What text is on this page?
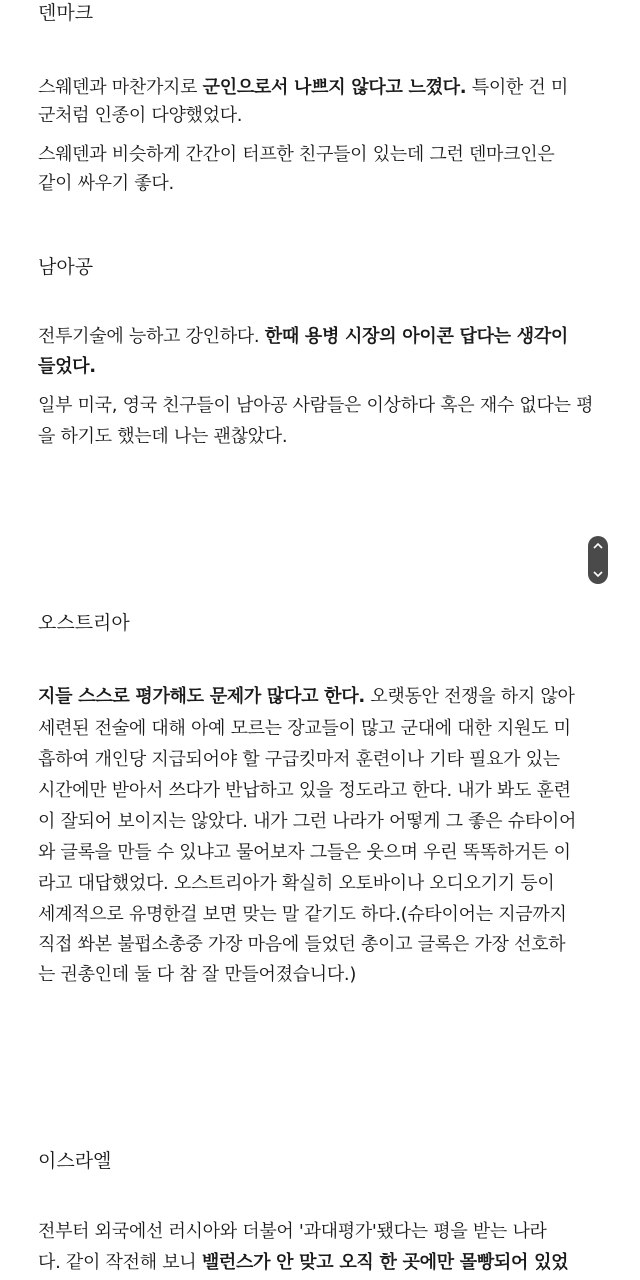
덴마크
스웨덴과 마찬가지로 군인으로서 나쁘지 않다고 느꼈다. 특이한 건 미
군처럼 인종이 다양했었다.
스웨덴과 비슷하게 간간이 터프한 친구들이 있는데 그런 덴마크인은
같이 싸우기 좋다.
남아공
전투기술에 능하고 강인하다. 한때 용병 시장의 아이콘 답다는 생각이
들었다.
일부 미국, 영국 친구들이 남아공 사람들은 이상하다 혹은 재수 없다는 평
을 하기도 했는데 나는 괜찮았다.
오스트리아
지들 스스로 평가해도 문제가 많다고 한다. 오랫동안 전쟁을 하지 않아
세련된 전술에 대해 아예 모르는 장교들이 많고 군대에 대한 지원도 미
흡하여 개인당 지급되어야 할 구급킷마저 훈련이나 기타 필요가 있는
시간에만 받아서 쓰다가 반납하고 있을 정도라고 한다. 내가 봐도 훈련
이 잘되어 보이지는 않았다. 내가 그런 나라가 어떻게 그 좋은 슈타이어
와 글록을 만들 수 있냐고 물어보자 그들은 웃으며 우린 똑똑하거든 이
라고 대답했었다. 오스트리아가 확실히 오토바이나 오디오기기 등이
세계적으로 유명한걸 보면 맞는 말 같기도 하다.(슈타이어는 지금까지
직접 쏴본 불펍소총중 가장 마음에 들었던 총이고 글록은 가장 선호하
는 권총인데 둘 다 참 잘 만들어졌습니다.)
이스라엘
전부터 외국에선 러시아와 더불어 '과대평가'됐다는 평을 받는 나라
다. 같이 작전해 보니 밸런스가 안 맞고 오직 한 곳에만 몰빵되어 있었
